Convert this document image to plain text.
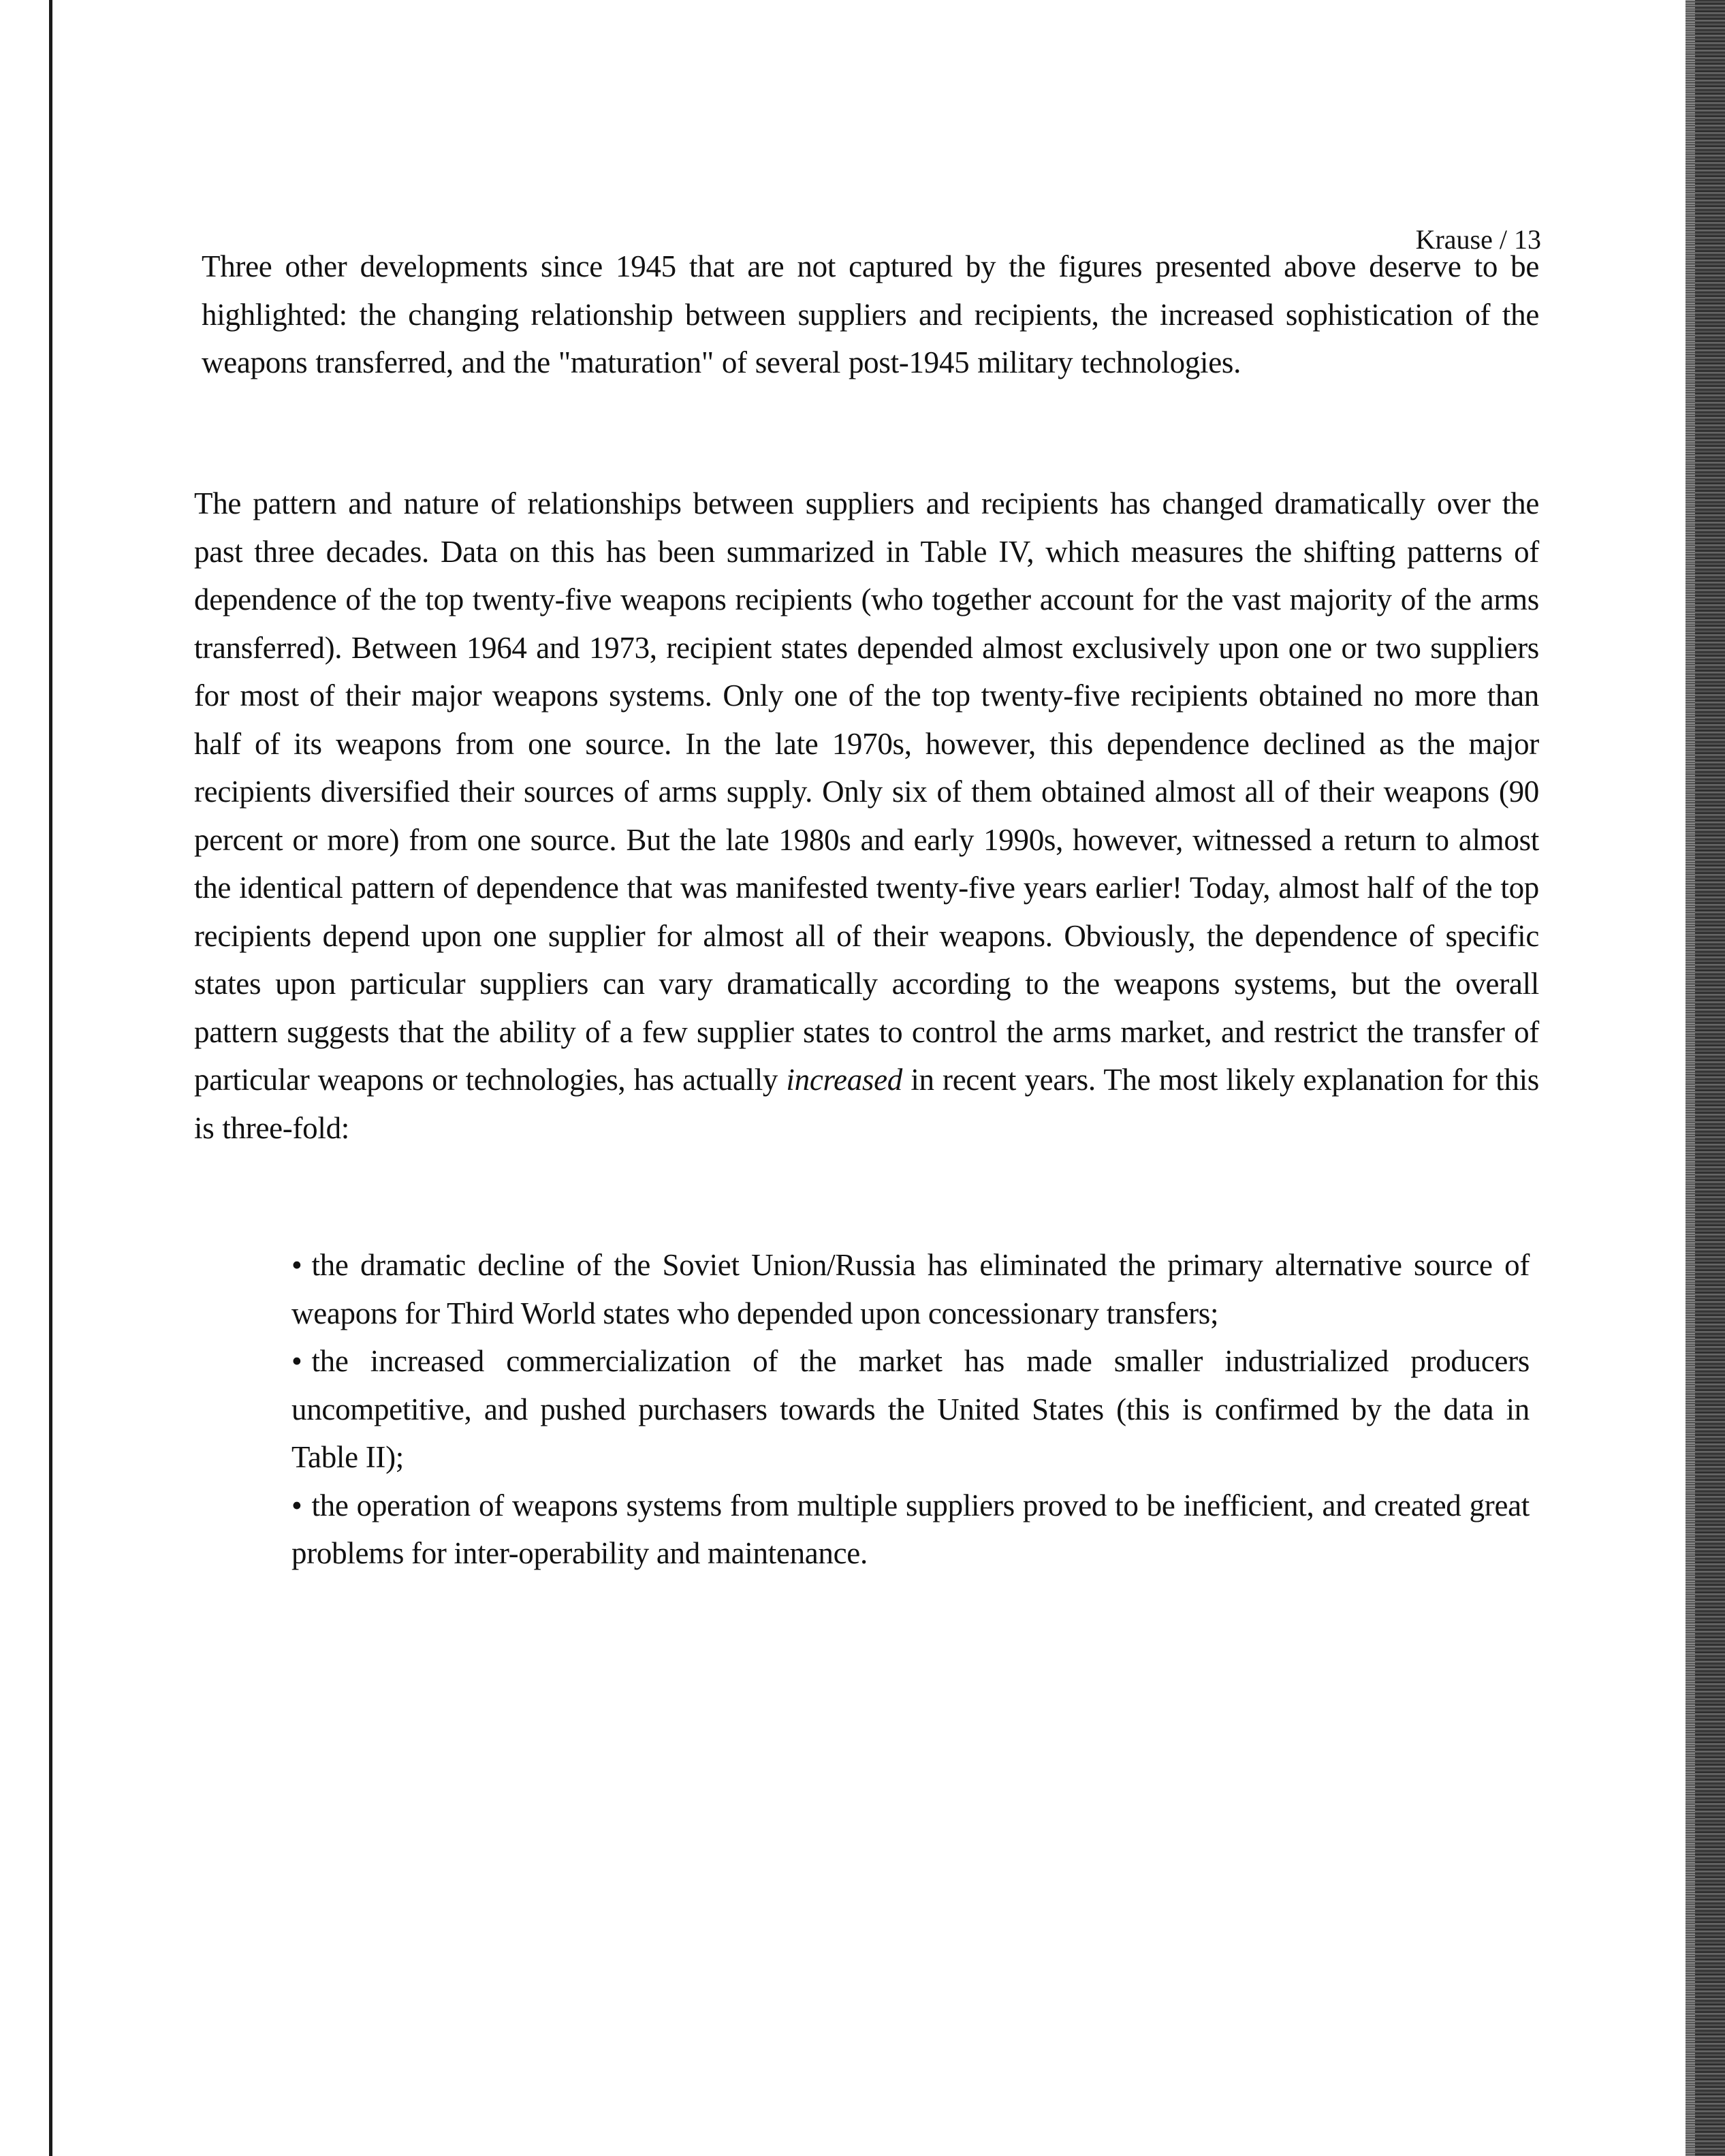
Krause / 13

Three other developments since 1945 that are not captured by the figures presented above deserve to be highlighted: the changing relationship between suppliers and recipients, the increased sophistication of the weapons transferred, and the "maturation" of several post-1945 military technologies.

The pattern and nature of relationships between suppliers and recipients has changed dramatically over the past three decades. Data on this has been summarized in Table IV, which measures the shifting patterns of dependence of the top twenty-five weapons recipients (who together account for the vast majority of the arms transferred). Between 1964 and 1973, recipient states depended almost exclusively upon one or two suppliers for most of their major weapons systems. Only one of the top twenty-five recipients obtained no more than half of its weapons from one source. In the late 1970s, however, this dependence declined as the major recipients diversified their sources of arms supply. Only six of them obtained almost all of their weapons (90 percent or more) from one source. But the late 1980s and early 1990s, however, witnessed a return to almost the identical pattern of dependence that was manifested twenty-five years earlier! Today, almost half of the top recipients depend upon one supplier for almost all of their weapons. Obviously, the dependence of specific states upon particular suppliers can vary dramatically according to the weapons systems, but the overall pattern suggests that the ability of a few supplier states to control the arms market, and restrict the transfer of particular weapons or technologies, has actually increased in recent years. The most likely explanation for this is three-fold:

• the dramatic decline of the Soviet Union/Russia has eliminated the primary alternative source of weapons for Third World states who depended upon concessionary transfers;

• the increased commercialization of the market has made smaller industrialized producers uncompetitive, and pushed purchasers towards the United States (this is confirmed by the data in Table II);

• the operation of weapons systems from multiple suppliers proved to be inefficient, and created great problems for inter-operability and maintenance.
